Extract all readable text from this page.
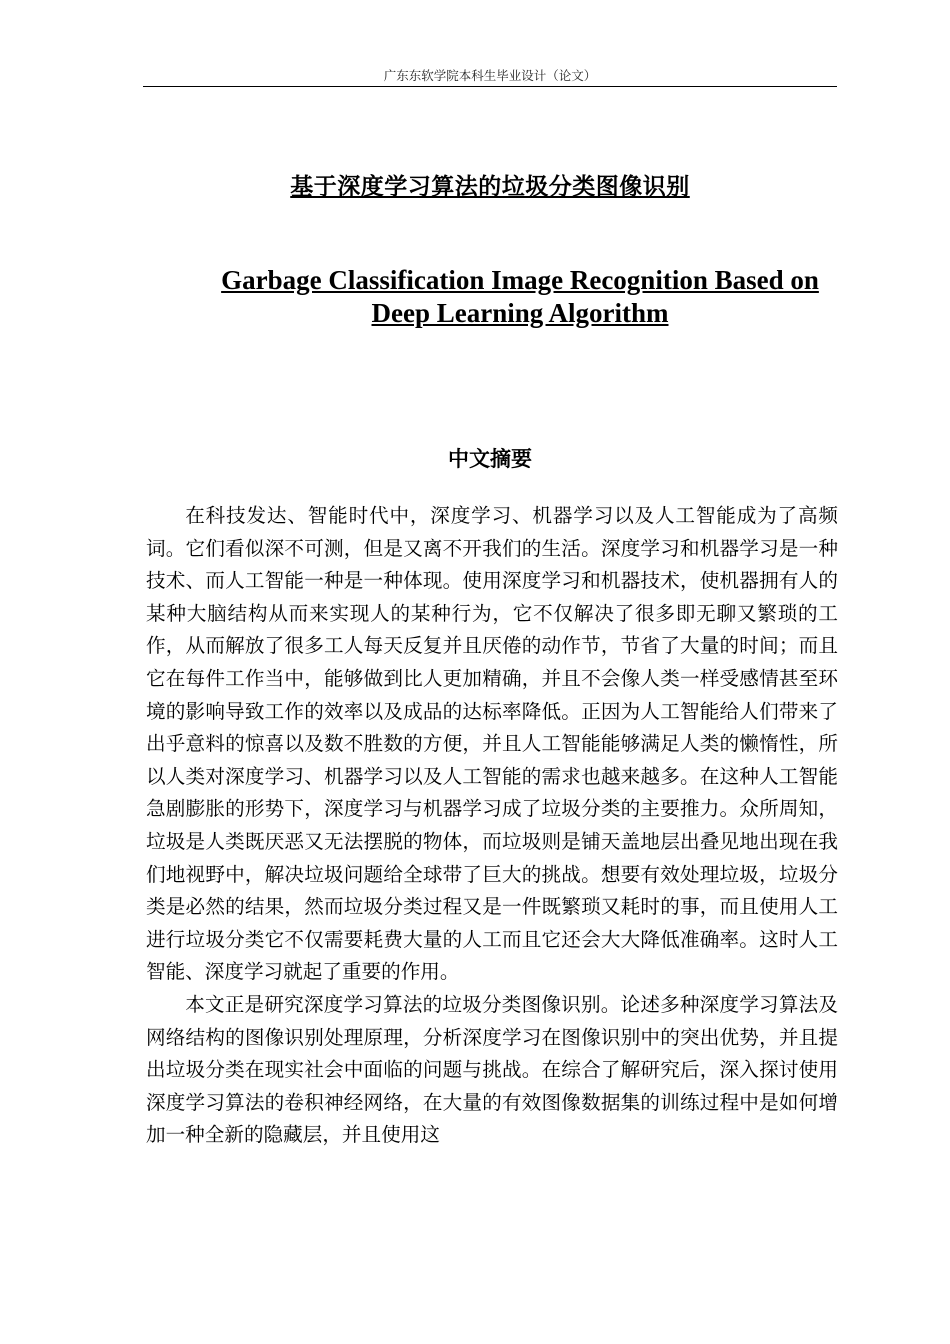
广东东软学院本科生毕业设计（论文）
基于深度学习算法的垃圾分类图像识别
Garbage Classification Image Recognition Based on Deep Learning Algorithm
中文摘要

在科技发达、智能时代中，深度学习、机器学习以及人工智能成为了高频词。它们看似深不可测，但是又离不开我们的生活。深度学习和机器学习是一种技术、而人工智能一种是一种体现。使用深度学习和机器技术，使机器拥有人的某种大脑结构从而来实现人的某种行为，它不仅解决了很多即无聊又繁琐的工作，从而解放了很多工人每天反复并且厌倦的动作节，节省了大量的时间；而且它在每件工作当中，能够做到比人更加精确，并且不会像人类一样受感情甚至环境的影响导致工作的效率以及成品的达标率降低。正因为人工智能给人们带来了出乎意料的惊喜以及数不胜数的方便，并且人工智能能够满足人类的懒惰性，所以人类对深度学习、机器学习以及人工智能的需求也越来越多。在这种人工智能急剧膨胀的形势下，深度学习与机器学习成了垃圾分类的主要推力。众所周知，垃圾是人类既厌恶又无法摆脱的物体，而垃圾则是铺天盖地层出叠见地出现在我们地视野中，解决垃圾问题给全球带了巨大的挑战。想要有效处理垃圾，垃圾分类是必然的结果，然而垃圾分类过程又是一件既繁琐又耗时的事，而且使用人工进行垃圾分类它不仅需要耗费大量的人工而且它还会大大降低准确率。这时人工智能、深度学习就起了重要的作用。

本文正是研究深度学习算法的垃圾分类图像识别。论述多种深度学习算法及网络结构的图像识别处理原理，分析深度学习在图像识别中的突出优势，并且提出垃圾分类在现实社会中面临的问题与挑战。在综合了解研究后，深入探讨使用深度学习算法的卷积神经网络，在大量的有效图像数据集的训练过程中是如何增加一种全新的隐藏层，并且使用这
